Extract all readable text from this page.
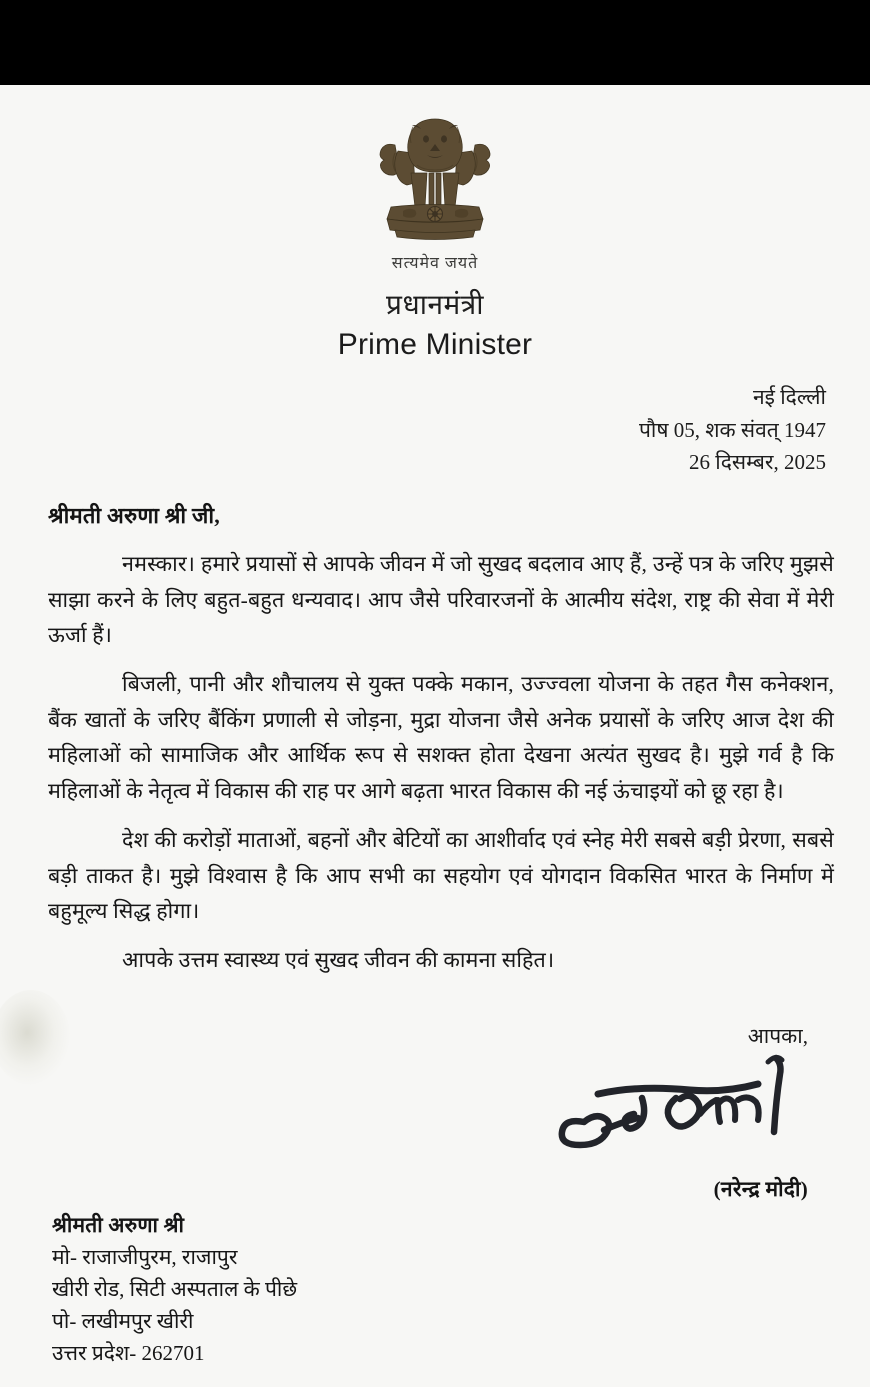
सत्यमेव जयते
प्रधानमंत्री
Prime Minister
नई दिल्ली
पौष 05, शक संवत् 1947
26 दिसम्बर, 2025
श्रीमती अरुणा श्री जी,

नमस्कार। हमारे प्रयासों से आपके जीवन में जो सुखद बदलाव आए हैं, उन्हें पत्र के जरिए मुझसे साझा करने के लिए बहुत-बहुत धन्यवाद। आप जैसे परिवारजनों के आत्मीय संदेश, राष्ट्र की सेवा में मेरी ऊर्जा हैं।

बिजली, पानी और शौचालय से युक्त पक्के मकान, उज्ज्वला योजना के तहत गैस कनेक्शन, बैंक खातों के जरिए बैंकिंग प्रणाली से जोड़ना, मुद्रा योजना जैसे अनेक प्रयासों के जरिए आज देश की महिलाओं को सामाजिक और आर्थिक रूप से सशक्त होता देखना अत्यंत सुखद है। मुझे गर्व है कि महिलाओं के नेतृत्व में विकास की राह पर आगे बढ़ता भारत विकास की नई ऊंचाइयों को छू रहा है।

देश की करोड़ों माताओं, बहनों और बेटियों का आशीर्वाद एवं स्नेह मेरी सबसे बड़ी प्रेरणा, सबसे बड़ी ताकत है। मुझे विश्वास है कि आप सभी का सहयोग एवं योगदान विकसित भारत के निर्माण में बहुमूल्य सिद्ध होगा।

आपके उत्तम स्वास्थ्य एवं सुखद जीवन की कामना सहित।

आपका,
(नरेन्द्र मोदी)
श्रीमती अरुणा श्री
मो- राजाजीपुरम, राजापुर
खीरी रोड, सिटी अस्पताल के पीछे
पो- लखीमपुर खीरी
उत्तर प्रदेश- 262701
